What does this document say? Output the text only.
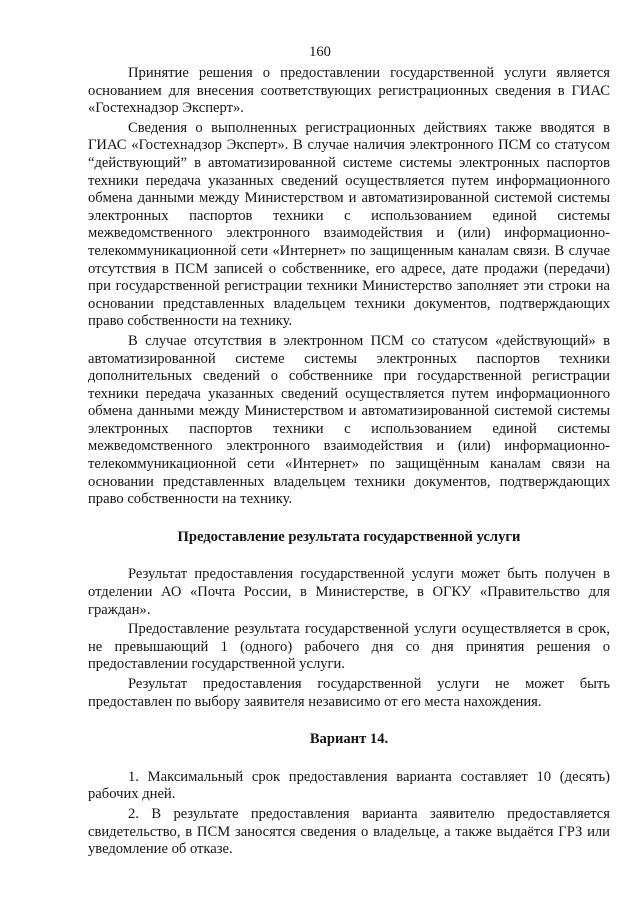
160

Принятие решения о предоставлении государственной услуги является основанием для внесения соответствующих регистрационных сведения в ГИАС «Гостехнадзор Эксперт».

Сведения о выполненных регистрационных действиях также вводятся в ГИАС «Гостехнадзор Эксперт». В случае наличия электронного ПСМ со статусом “действующий” в автоматизированной системе системы электронных паспортов техники передача указанных сведений осуществляется путем информационного обмена данными между Министерством и автоматизированной системой системы электронных паспортов техники с использованием единой системы межведомственного электронного взаимодействия и (или) информационно-телекоммуникационной сети «Интернет» по защищенным каналам связи. В случае отсутствия в ПСМ записей о собственнике, его адресе, дате продажи (передачи) при государственной регистрации техники Министерство заполняет эти строки на основании представленных владельцем техники документов, подтверждающих право собственности на технику.

В случае отсутствия в электронном ПСМ со статусом «действующий» в автоматизированной системе системы электронных паспортов техники дополнительных сведений о собственнике при государственной регистрации техники передача указанных сведений осуществляется путем информационного обмена данными между Министерством и автоматизированной системой системы электронных паспортов техники с использованием единой системы межведомственного электронного взаимодействия и (или) информационно-телекоммуникационной сети «Интернет» по защищённым каналам связи на основании представленных владельцем техники документов, подтверждающих право собственности на технику.

Предоставление результата государственной услуги

Результат предоставления государственной услуги может быть получен в отделении АО «Почта России, в Министерстве, в ОГКУ «Правительство для граждан».

Предоставление результата государственной услуги осуществляется в срок, не превышающий 1 (одного) рабочего дня со дня принятия решения о предоставлении государственной услуги.

Результат предоставления государственной услуги не может быть предоставлен по выбору заявителя независимо от его места нахождения.

Вариант 14.

1. Максимальный срок предоставления варианта составляет 10 (десять) рабочих дней.

2. В результате предоставления варианта заявителю предоставляется свидетельство, в ПСМ заносятся сведения о владельце, а также выдаётся ГРЗ или уведомление об отказе.
